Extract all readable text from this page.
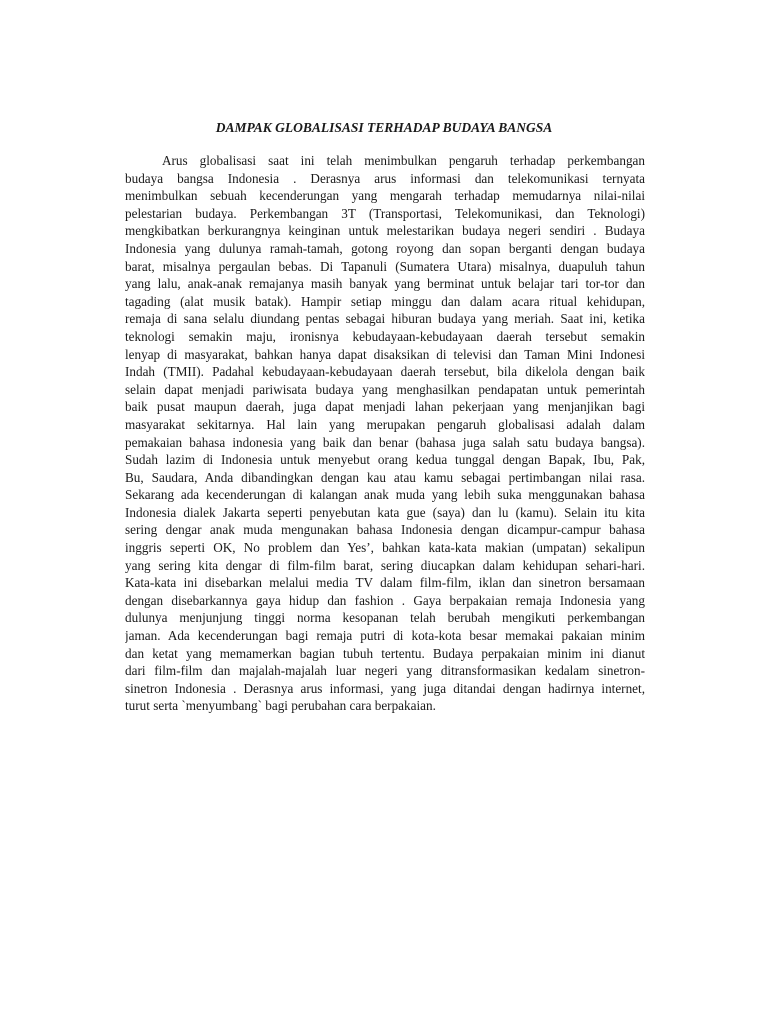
DAMPAK GLOBALISASI TERHADAP BUDAYA BANGSA
Arus globalisasi saat ini telah menimbulkan pengaruh terhadap perkembangan
budaya bangsa Indonesia . Derasnya arus informasi dan telekomunikasi ternyata
menimbulkan sebuah kecenderungan yang mengarah terhadap memudarnya nilai-nilai
pelestarian budaya. Perkembangan 3T (Transportasi, Telekomunikasi, dan Teknologi)
mengkibatkan berkurangnya keinginan untuk melestarikan budaya negeri sendiri . Budaya
Indonesia yang dulunya ramah-tamah, gotong royong dan sopan berganti dengan budaya
barat, misalnya pergaulan bebas. Di Tapanuli (Sumatera Utara) misalnya, duapuluh tahun
yang lalu, anak-anak remajanya masih banyak yang berminat untuk belajar tari tor-tor dan
tagading (alat musik batak). Hampir setiap minggu dan dalam acara ritual kehidupan,
remaja di sana selalu diundang pentas sebagai hiburan budaya yang meriah. Saat ini, ketika
teknologi semakin maju, ironisnya kebudayaan-kebudayaan daerah tersebut semakin
lenyap di masyarakat, bahkan hanya dapat disaksikan di televisi dan Taman Mini Indonesi
Indah (TMII). Padahal kebudayaan-kebudayaan daerah tersebut, bila dikelola dengan baik
selain dapat menjadi pariwisata budaya yang menghasilkan pendapatan untuk pemerintah
baik pusat maupun daerah, juga dapat menjadi lahan pekerjaan yang menjanjikan bagi
masyarakat sekitarnya. Hal lain yang merupakan pengaruh globalisasi adalah dalam
pemakaian bahasa indonesia yang baik dan benar (bahasa juga salah satu budaya bangsa).
Sudah lazim di Indonesia untuk menyebut orang kedua tunggal dengan Bapak, Ibu, Pak,
Bu, Saudara, Anda dibandingkan dengan kau atau kamu sebagai pertimbangan nilai rasa.
Sekarang ada kecenderungan di kalangan anak muda yang lebih suka menggunakan bahasa
Indonesia dialek Jakarta seperti penyebutan kata gue (saya) dan lu (kamu). Selain itu kita
sering dengar anak muda mengunakan bahasa Indonesia dengan dicampur-campur bahasa
inggris seperti OK, No problem dan Yes’, bahkan kata-kata makian (umpatan) sekalipun
yang sering kita dengar di film-film barat, sering diucapkan dalam kehidupan sehari-hari.
Kata-kata ini disebarkan melalui media TV dalam film-film, iklan dan sinetron bersamaan
dengan disebarkannya gaya hidup dan fashion . Gaya berpakaian remaja Indonesia yang
dulunya menjunjung tinggi norma kesopanan telah berubah mengikuti perkembangan
jaman. Ada kecenderungan bagi remaja putri di kota-kota besar memakai pakaian minim
dan ketat yang memamerkan bagian tubuh tertentu. Budaya perpakaian minim ini dianut
dari film-film dan majalah-majalah luar negeri yang ditransformasikan kedalam sinetron-
sinetron Indonesia . Derasnya arus informasi, yang juga ditandai dengan hadirnya internet,
turut serta `menyumbang` bagi perubahan cara berpakaian.
